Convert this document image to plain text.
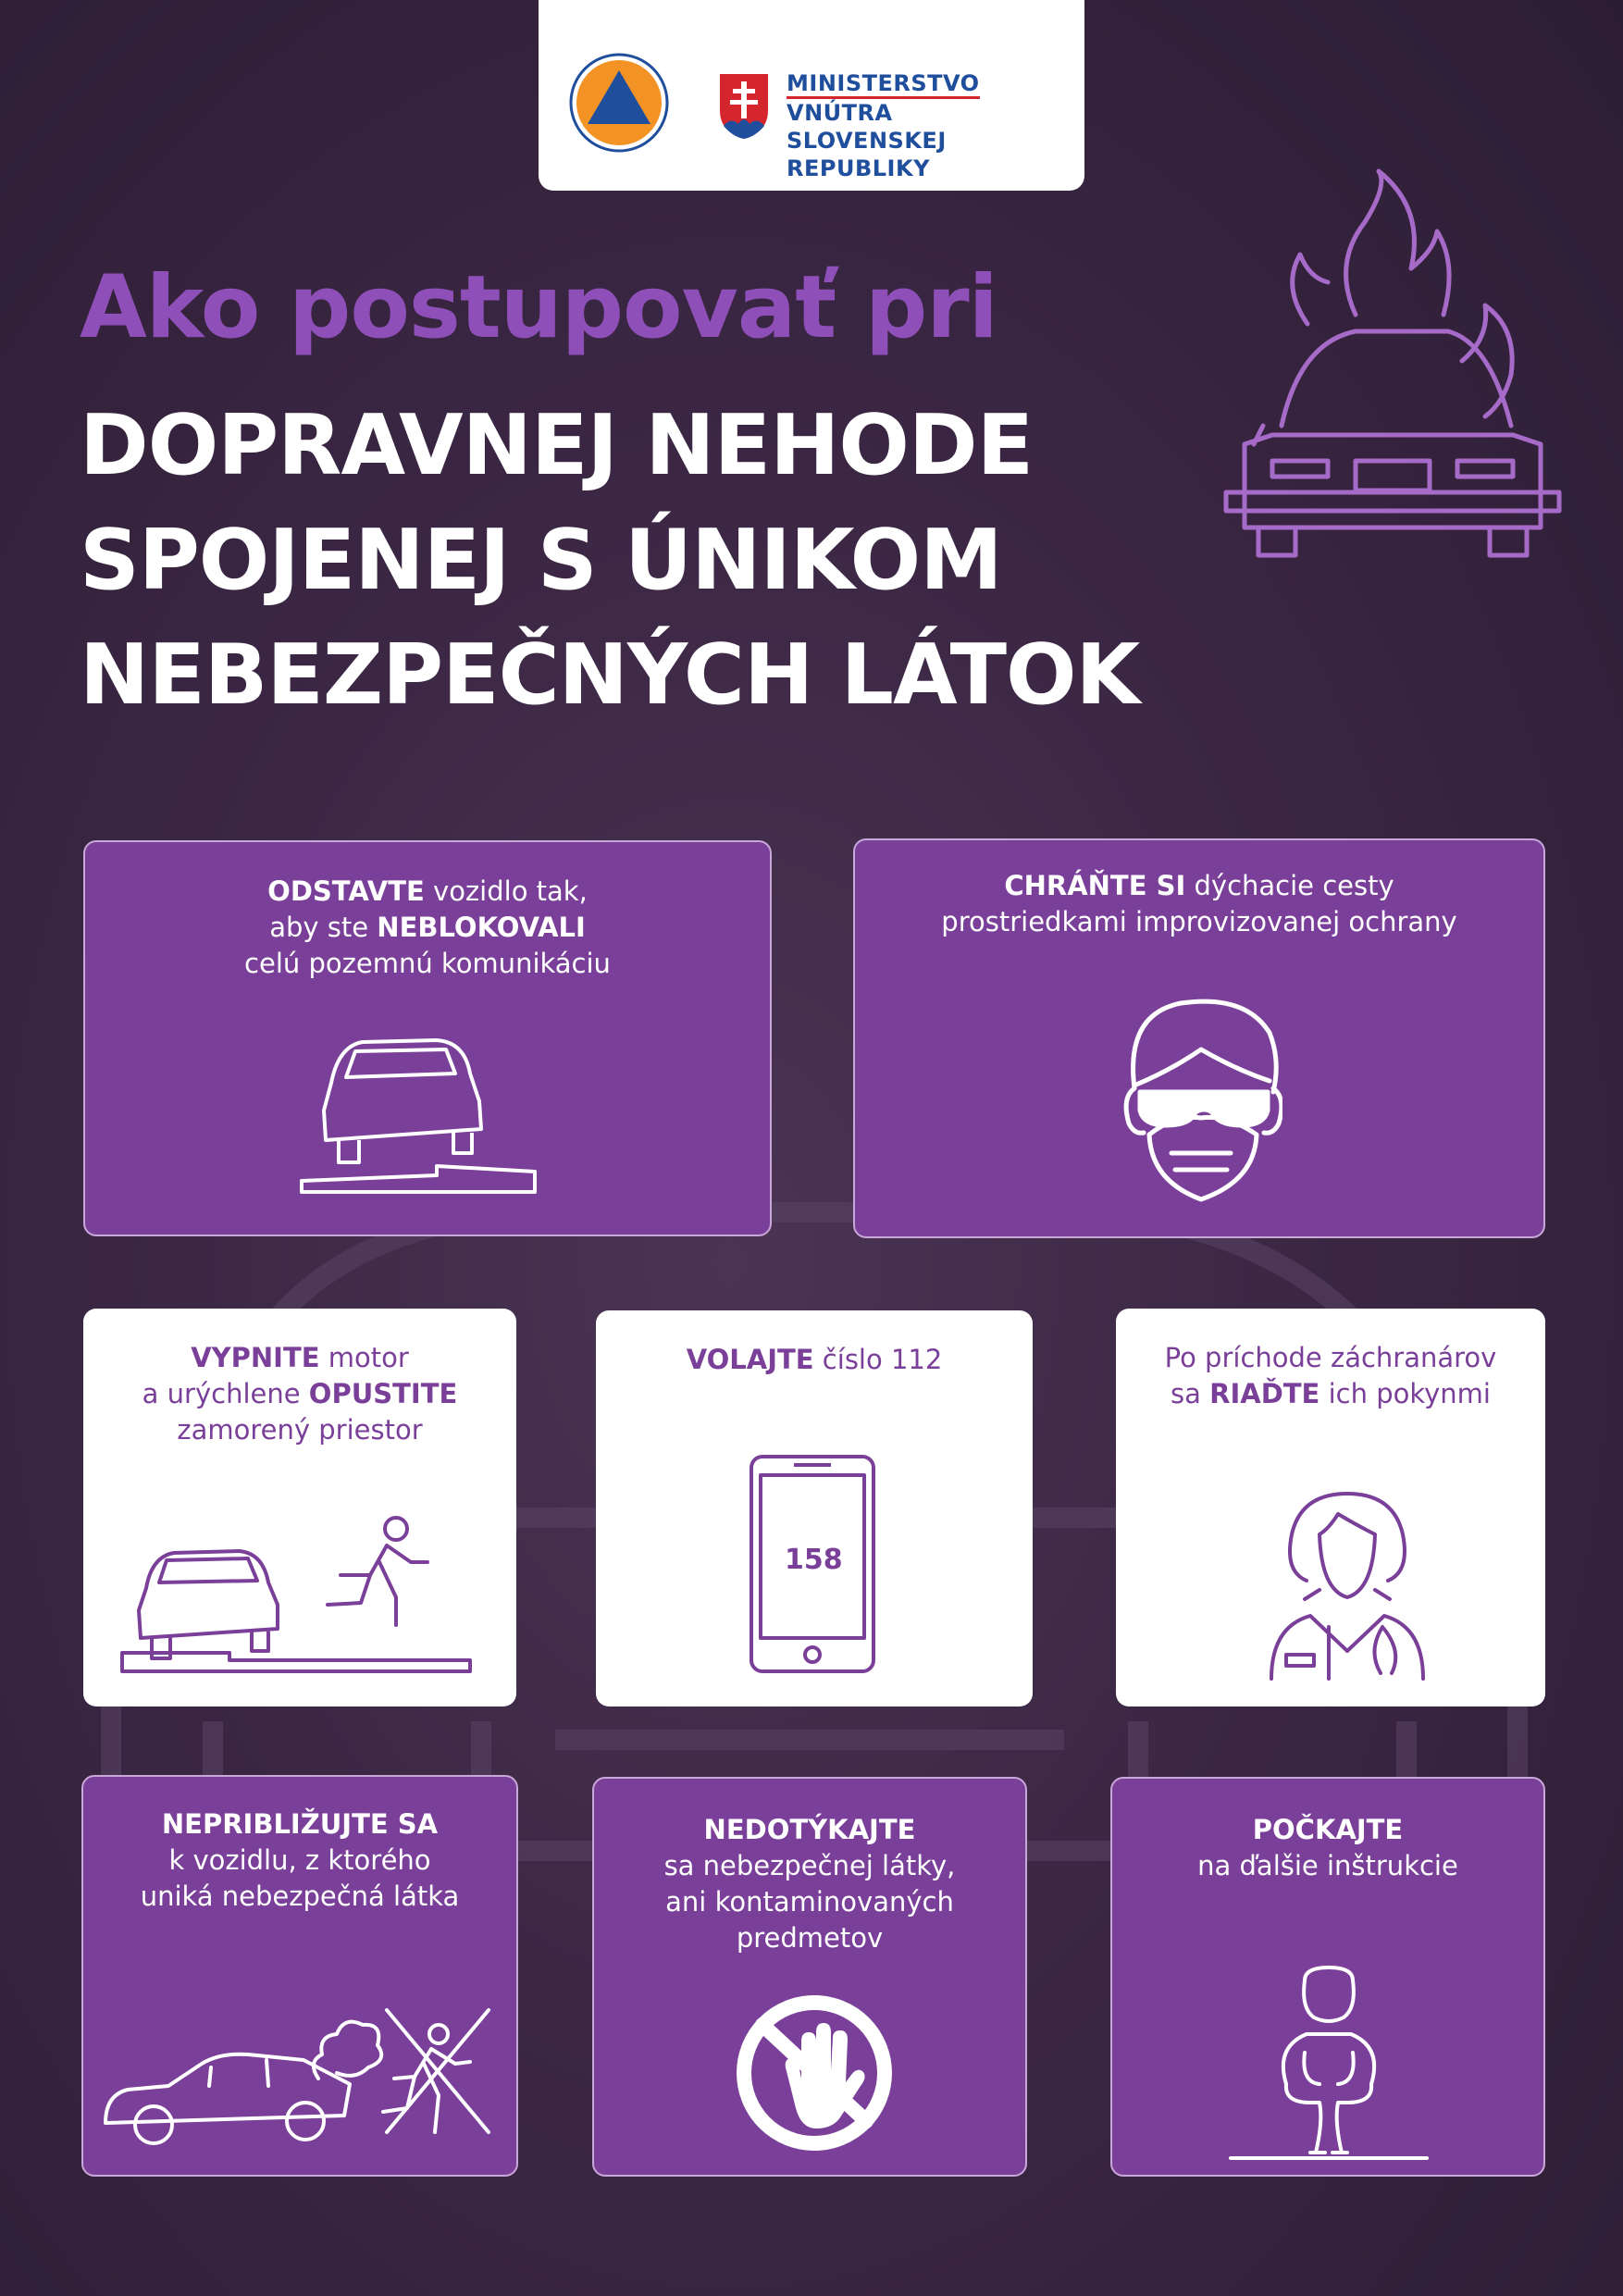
MINISTERSTVO
VNÚTRA
SLOVENSKEJ REPUBLIKY
Ako postupovať pri
DOPRAVNEJ NEHODE
SPOJENEJ S ÚNIKOM
NEBEZPEČNÝCH LÁTOK
ODSTAVTE vozidlo tak,
aby ste NEBLOKOVALI
celú pozemnú komunikáciu
CHRÁŇTE SI dýchacie cesty
prostriedkami improvizovanej ochrany
VYPNITE motor
a urýchlene OPUSTITE
zamorený priestor
VOLAJTE číslo 112
158
Po príchode záchranárov
sa RIAĎTE ich pokynmi
NEPRIBLIŽUJTE SA
k vozidlu, z ktorého
uniká nebezpečná látka
NEDOTÝKAJTE
sa nebezpečnej látky,
ani kontaminovaných
predmetov
POČKAJTE
na ďalšie inštrukcie
